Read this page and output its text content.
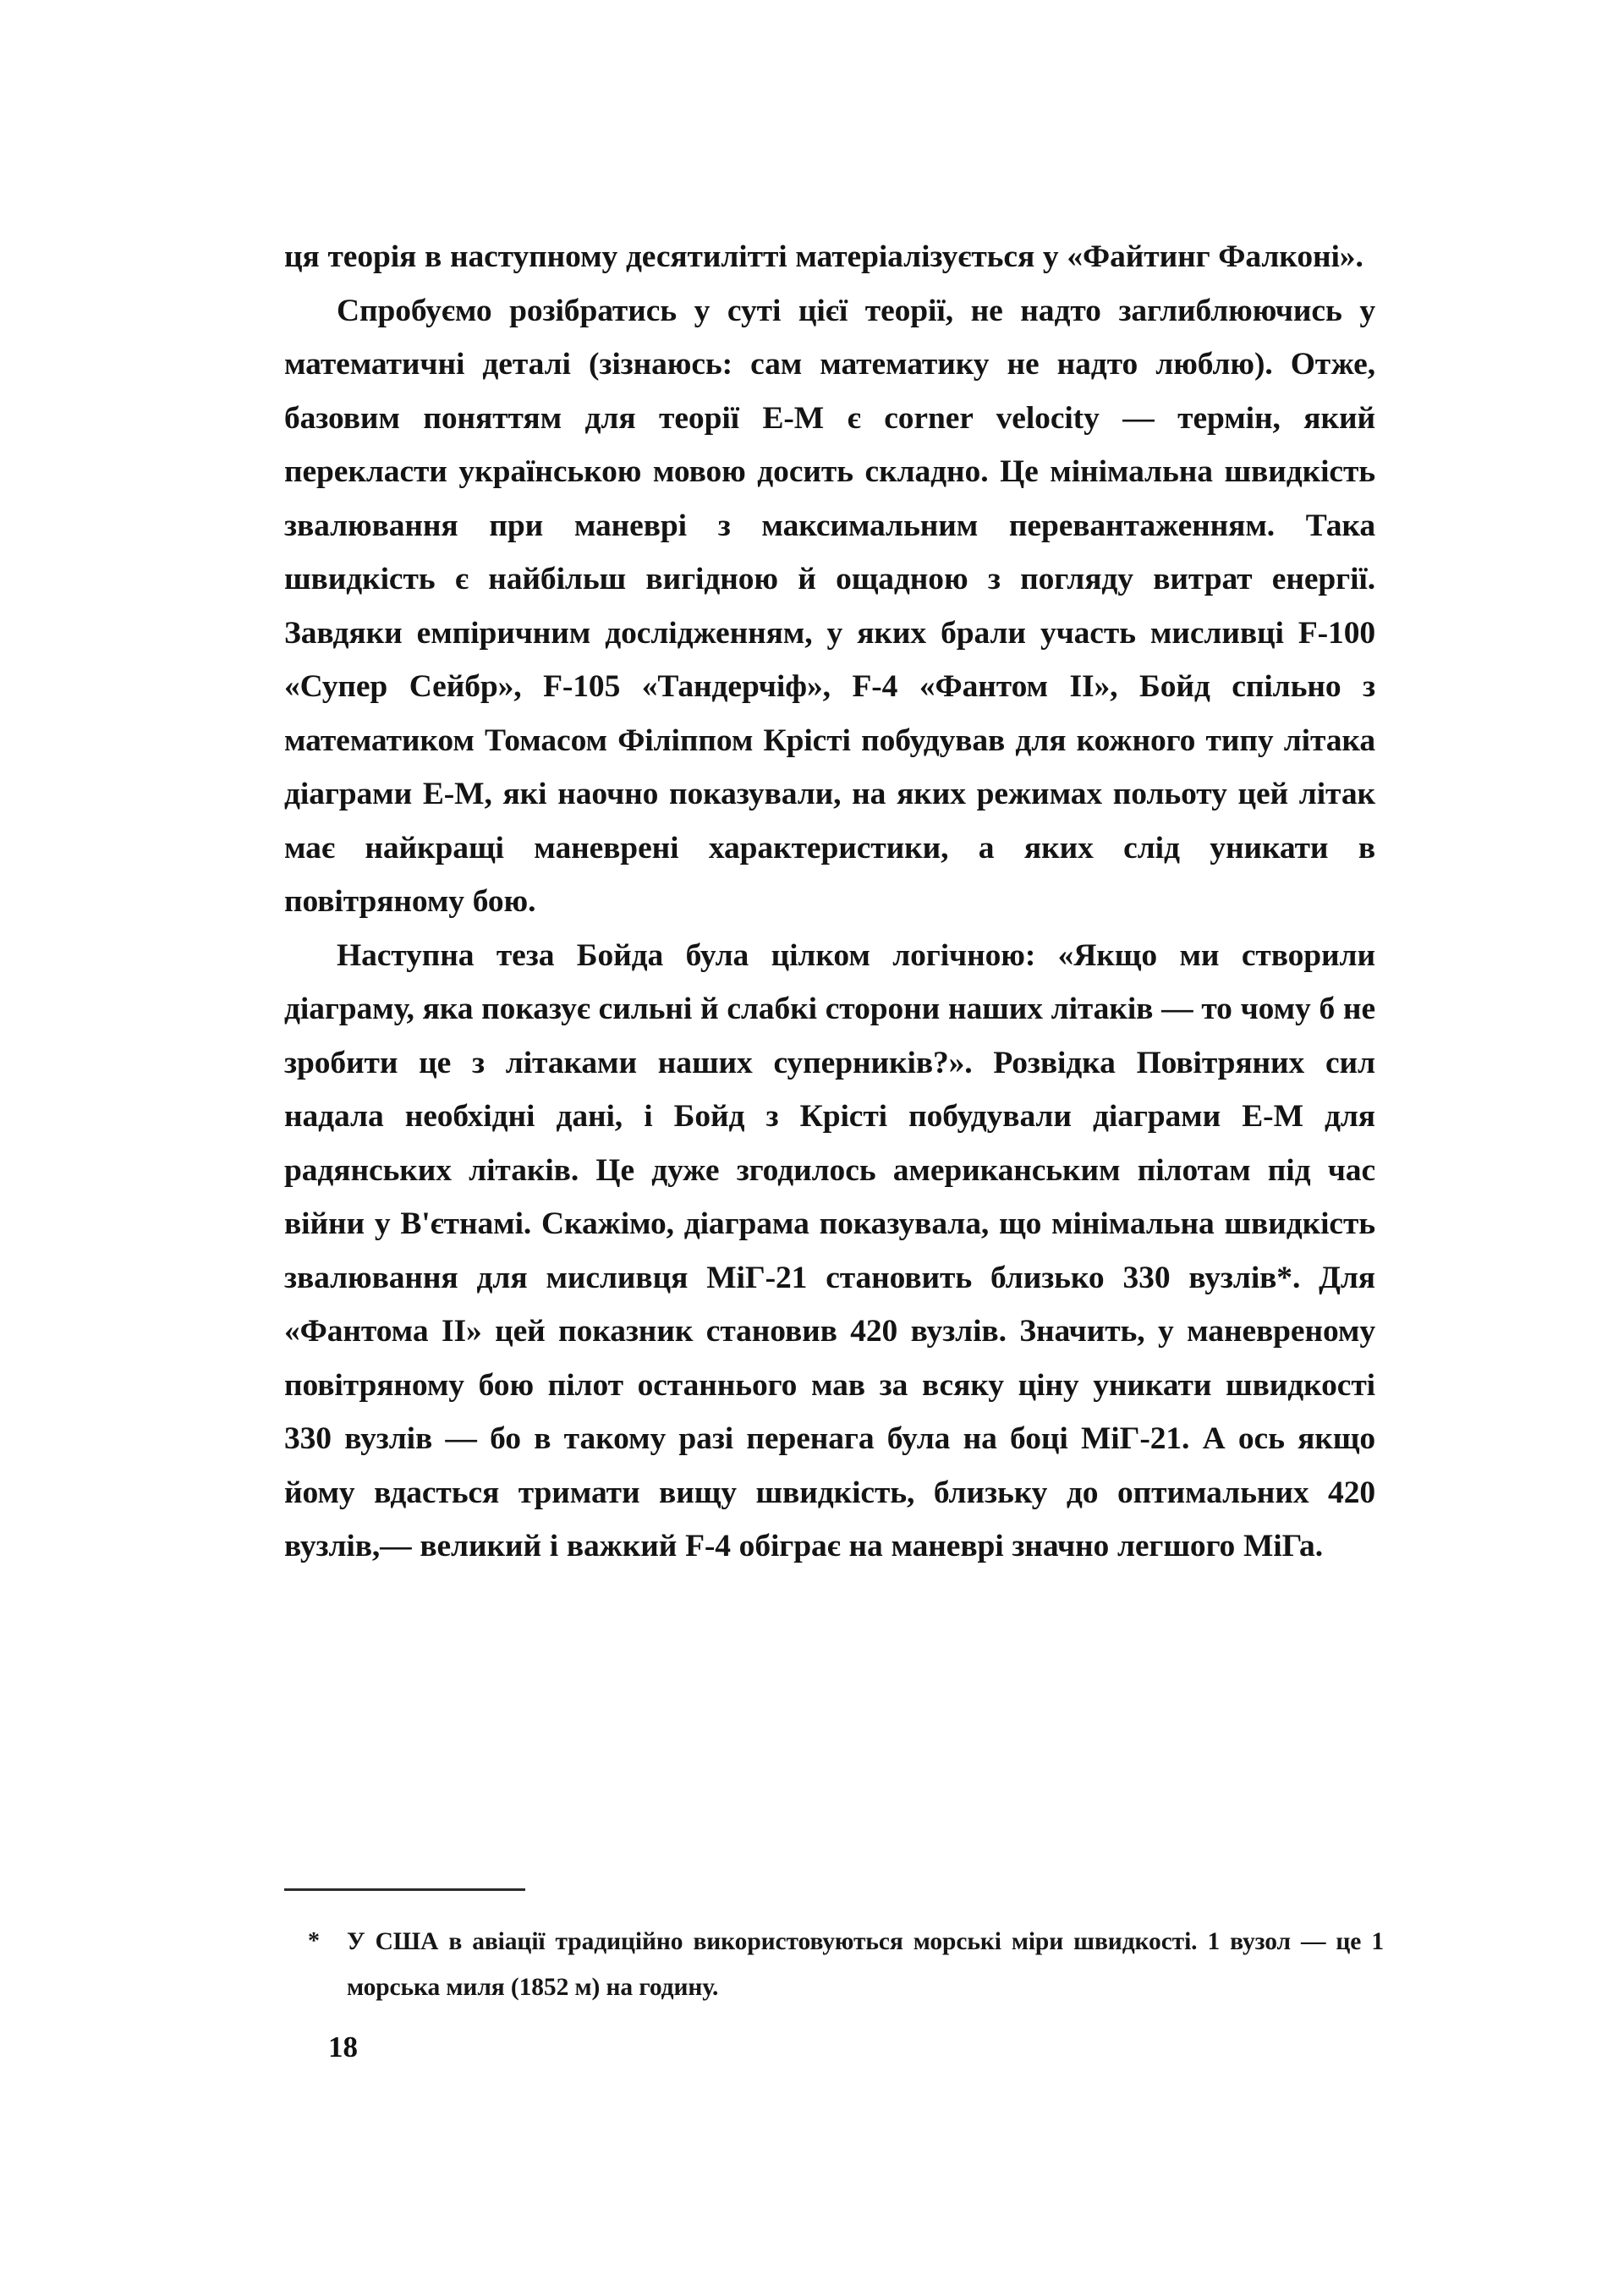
ця теорія в наступному десятилітті матеріалізується у «Файтинг Фалконі».

Спробуємо розібратись у суті цієї теорії, не надто заглиблюючись у математичні деталі (зізнаюсь: сам математику не надто люблю). Отже, базовим поняттям для теорії Е-М є corner velocity — термін, який перекласти українською мовою досить складно. Це мінімальна швидкість звалювання при маневрі з максимальним перевантаженням. Така швидкість є найбільш вигідною й ощадною з погляду витрат енергії. Завдяки емпіричним дослідженням, у яких брали участь мисливці F-100 «Супер Сейбр», F-105 «Тандерчіф», F-4 «Фантом II», Бойд спільно з математиком Томасом Філіппом Крісті побудував для кожного типу літака діаграми Е-М, які наочно показували, на яких режимах польоту цей літак має найкращі маневрені характеристики, а яких слід уникати в повітряному бою.

Наступна теза Бойда була цілком логічною: «Якщо ми створили діаграму, яка показує сильні й слабкі сторони наших літаків — то чому б не зробити це з літаками наших суперників?». Розвідка Повітряних сил надала необхідні дані, і Бойд з Крісті побудували діаграми Е-М для радянських літаків. Це дуже згодилось американським пілотам під час війни у В'єтнамі. Скажімо, діаграма показувала, що мінімальна швидкість звалювання для мисливця МіГ-21 становить близько 330 вузлів*. Для «Фантома II» цей показник становив 420 вузлів. Значить, у маневреному повітряному бою пілот останнього мав за всяку ціну уникати швидкості 330 вузлів — бо в такому разі перенага була на боці МіГ-21. А ось якщо йому вдасться тримати вищу швидкість, близьку до оптимальних 420 вузлів,— великий і важкий F-4 обіграє на маневрі значно легшого МіГа.

*	У США в авіації традиційно використовуються морські міри швидкості. 1 вузол — це 1 морська миля (1852 м) на годину.
18
